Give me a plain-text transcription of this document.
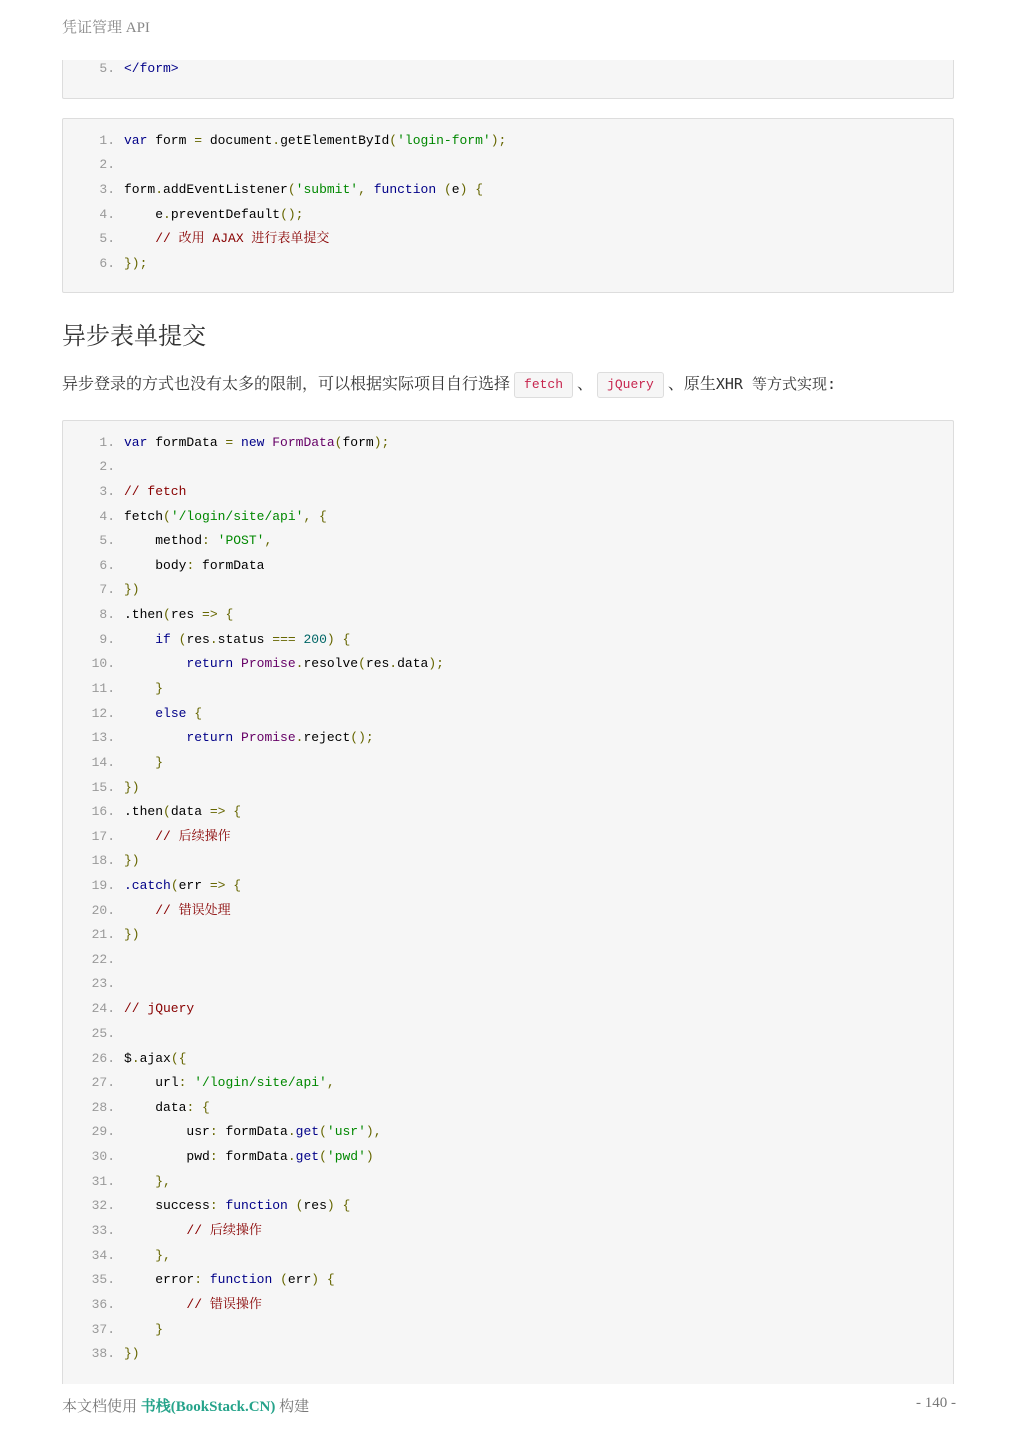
凭证管理 API
5. </form>
1. var form = document.getElementById('login-form');
2.
3. form.addEventListener('submit', function (e) {
4.	e.preventDefault();
5.	// 改用 AJAX 进行表单提交
6. });
异步表单提交
异步登录的方式也没有太多的限制，可以根据实际项目自行选择 fetch 、 jQuery 、原生XHR 等方式实现:
1. var formData = new FormData(form);
2.
3. // fetch
4. fetch('/login/site/api', {
5.	method: 'POST',
6.	body: formData
7. })
8. .then(res => {
9.	if (res.status === 200) {
10.	return Promise.resolve(res.data);
11.	}
12.	else {
13.	return Promise.reject();
14.	}
15. })
16. .then(data => {
17.	// 后续操作
18. })
19. .catch(err => {
20.	// 错误处理
21. })
22.
23.
24. // jQuery
25.
26. $.ajax({
27.	url: '/login/site/api',
28.	data: {
29.	usr: formData.get('usr'),
30.	pwd: formData.get('pwd')
31.	},
32.	success: function (res) {
33.	// 后续操作
34.	},
35.	error: function (err) {
36.	// 错误操作
37.	}
38. })
本文档使用 书栈(BookStack.CN) 构建	- 140 -
